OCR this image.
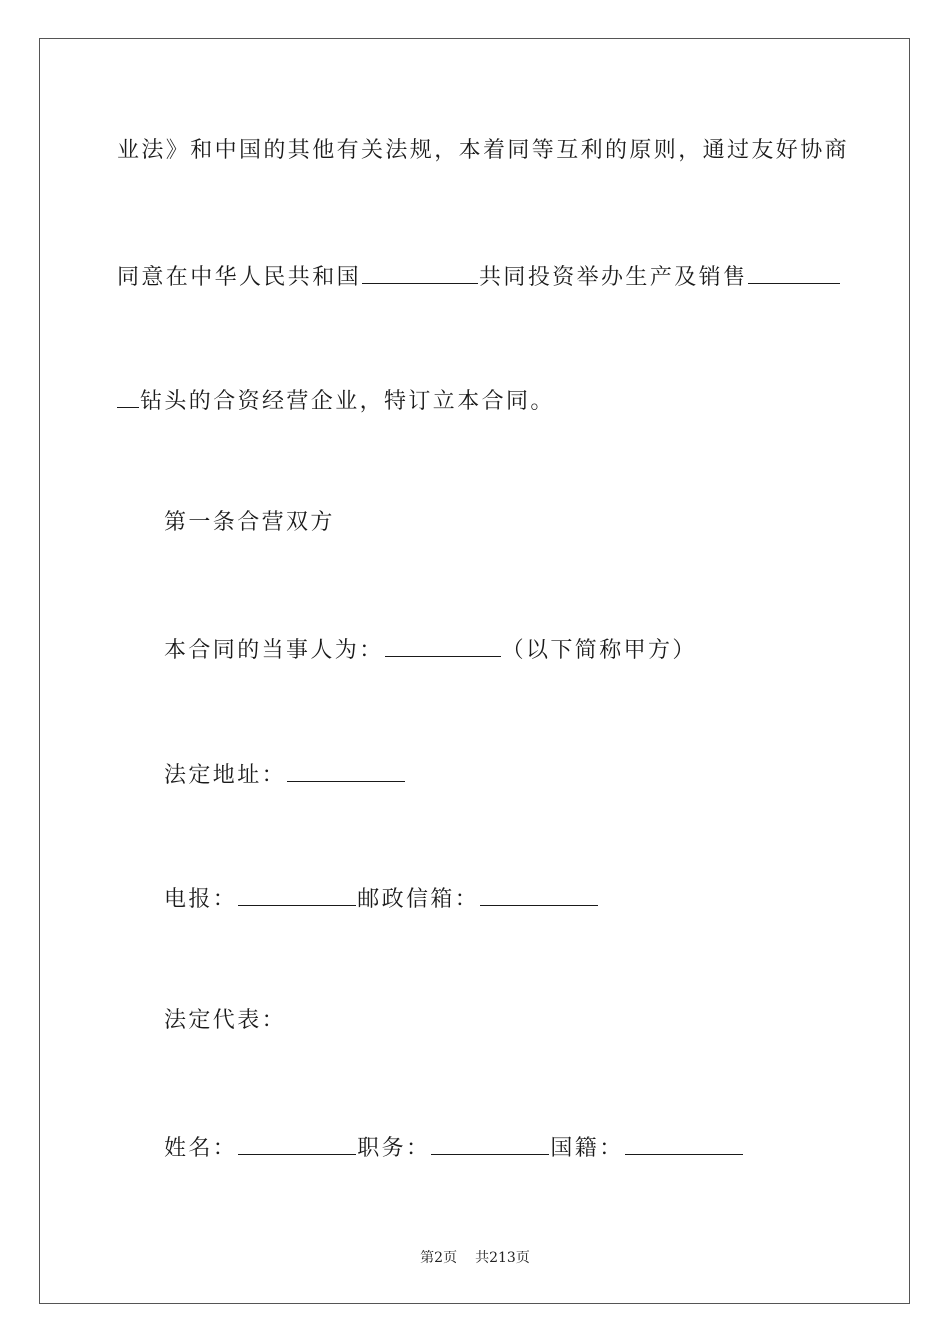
业法》和中国的其他有关法规，本着同等互利的原则，通过友好协商
同意在中华人民共和国	共同投资举办生产及销售
钻头的合资经营企业，特订立本合同。
第一条合营双方
本合同的当事人为：	（以下简称甲方）
法定地址：
电报：	邮政信箱：
法定代表：
姓名：	职务：	国籍：
第2页 共213页
